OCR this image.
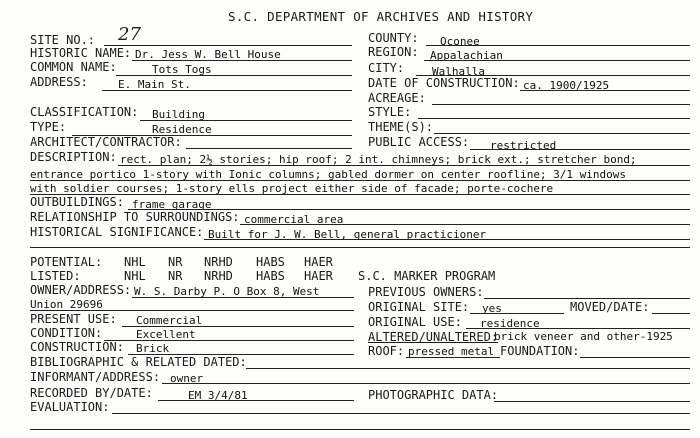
S.C. DEPARTMENT OF ARCHIVES AND HISTORY
SITE NO.: 27
HISTORIC NAME: Dr. Jess W. Bell House
COMMON NAME:	Tots Togs
ADDRESS:	E. Main St.
CLASSIFICATION: Building
TYPE:	Residence
ARCHITECT/CONTRACTOR:
COUNTY: Oconee
REGION: Appalachian
CITY:	Walhalla
DATE OF CONSTRUCTION: ca. 1900/1925
ACREAGE:
STYLE:
THEME(S):
PUBLIC ACCESS: restricted
DESCRIPTION: rect. plan; 2½ stories; hip roof; 2 int. chimneys; brick ext.; stretcher bond;
entrance portico 1-story with Ionic columns; gabled dormer on center roofline; 3/1 windows
with soldier courses; 1-story ells project either side of facade; porte-cochere
OUTBUILDINGS: frame garage
RELATIONSHIP TO SURROUNDINGS: commercial area
HISTORICAL SIGNIFICANCE: Built for J. W. Bell, general practicioner
POTENTIAL: NHL NR NRHD HABS HAER
LISTED:	NHL NR NRHD HABS HAER S.C. MARKER PROGRAM
OWNER/ADDRESS: W. S. Darby P. O Box 8, West
Union 29696
PREVIOUS OWNERS:
PRESENT USE: Commercial
ORIGINAL SITE: yes	MOVED/DATE:
ORIGINAL USE: residence
CONDITION:	Excellent	ALTERED/UNALTERED:
brick veneer and other-1925
CONSTRUCTION: Brick	ROOF: pressed metal FOUNDATION:
BIBLIOGRAPHIC & RELATED DATED:
INFORMANT/ADDRESS: owner
RECORDED BY/DATE:	EM 3/4/81	PHOTOGRAPHIC DATA:
EVALUATION:
